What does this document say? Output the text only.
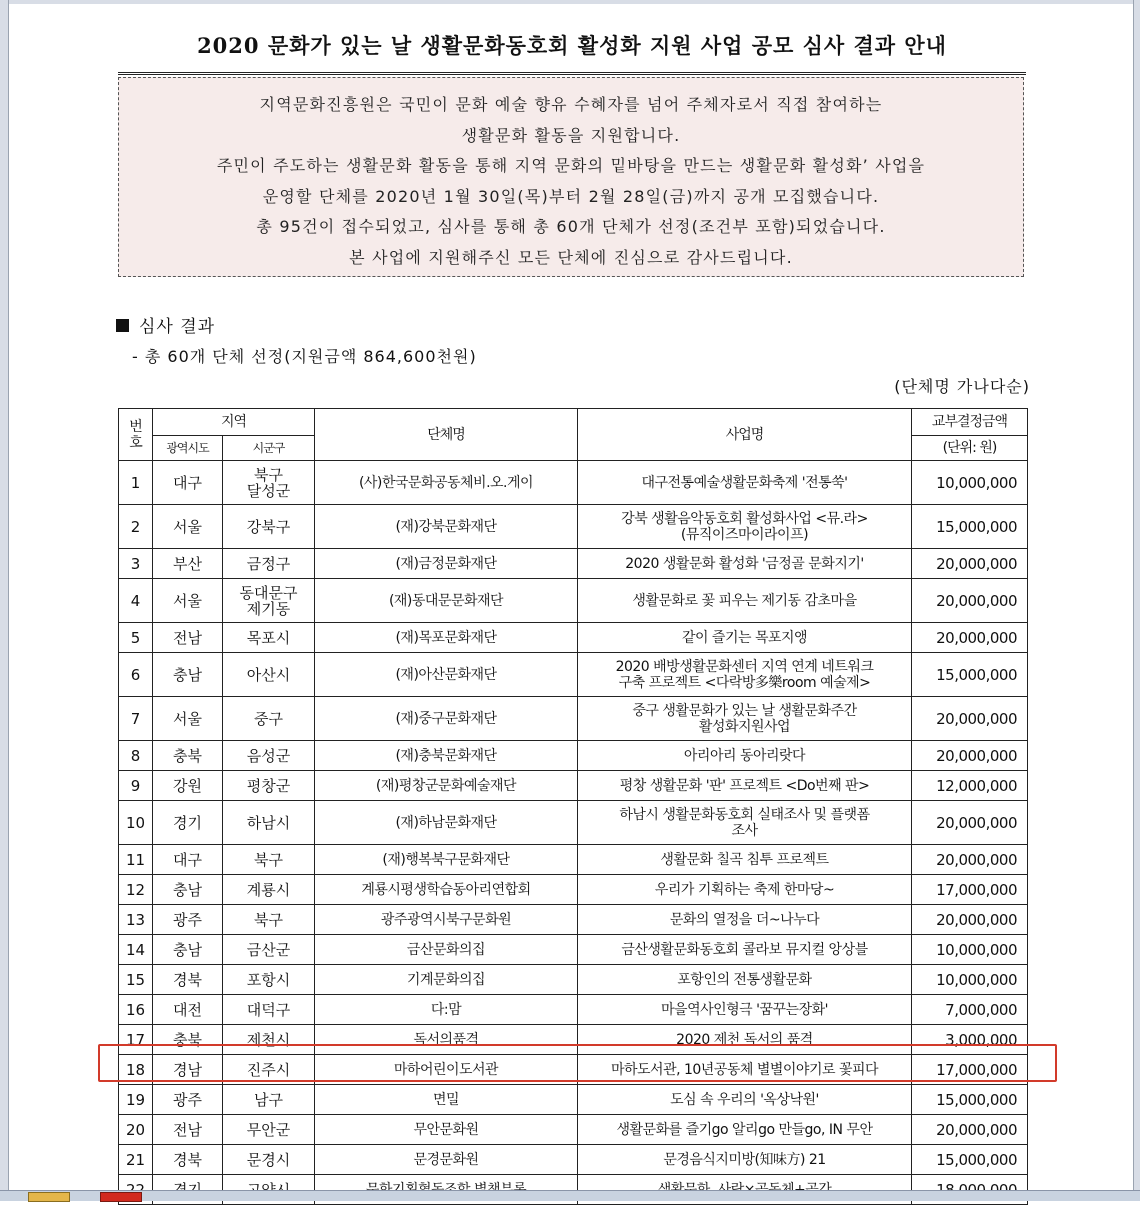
2020 문화가 있는 날 생활문화동호회 활성화 지원 사업 공모 심사 결과 안내

지역문화진흥원은 국민이 문화 예술 향유 수혜자를 넘어 주체자로서 직접 참여하는

생활문화 활동을 지원합니다.

주민이 주도하는 생활문화 활동을 통해 지역 문화의 밑바탕을 만드는 생활문화 활성화’ 사업을

운영할 단체를 2020년 1월 30일(목)부터 2월 28일(금)까지 공개 모집했습니다.

총 95건이 접수되었고, 심사를 통해 총 60개 단체가 선정(조건부 포함)되었습니다.

본 사업에 지원해주신 모든 단체에 진심으로 감사드립니다.

심사 결과
- 총 60개 단체 선정(지원금액 864,600천원)
(단체명 가나다순)
번호	지역		단체명	사업명	교부결정금액
	광역시도	시군구			(단위: 원)
1	대구	북구
달성군	(사)한국문화공동체비.오.게이	대구전통예술생활문화축제 '전통쑥'	10,000,000
2	서울	강북구	(재)강북문화재단	강북 생활음악동호회 활성화사업 <뮤.라>
(뮤직이즈마이라이프)	15,000,000
3	부산	금정구	(재)금정문화재단	2020 생활문화 활성화 '금정골 문화지기'	20,000,000
4	서울	동대문구
제기동	(재)동대문문화재단	생활문화로 꽃 피우는 제기동 감초마을	20,000,000
5	전남	목포시	(재)목포문화재단	같이 즐기는 목포지앵	20,000,000
6	충남	아산시	(재)아산문화재단	2020 배방생활문화센터 지역 연계 네트워크
구축 프로젝트 <다락방多樂room 예술제>	15,000,000
7	서울	중구	(재)중구문화재단	중구 생활문화가 있는 날 생활문화주간
활성화지원사업	20,000,000
8	충북	음성군	(재)충북문화재단	아리아리 동아리랏다	20,000,000
9	강원	평창군	(재)평창군문화예술재단	평창 생활문화 '판' 프로젝트 <Do번째 판>	12,000,000
10	경기	하남시	(재)하남문화재단	하남시 생활문화동호회 실태조사 및 플랫폼
조사	20,000,000
11	대구	북구	(재)행복북구문화재단	생활문화 칠곡 침투 프로젝트	20,000,000
12	충남	계룡시	계룡시평생학습동아리연합회	우리가 기획하는 축제 한마당~	17,000,000
13	광주	북구	광주광역시북구문화원	문화의 열정을 더~나누다	20,000,000
14	충남	금산군	금산문화의집	금산생활문화동호회 콜라보 뮤지컬 앙상블	10,000,000
15	경북	포항시	기계문화의집	포항인의 전통생활문화	10,000,000
16	대전	대덕구	다:맘	마을역사인형극 '꿈꾸는장화'	7,000,000
17	충북	제천시	독서의품격	2020 제천 독서의 품격	3,000,000
18	경남	진주시	마하어린이도서관	마하도서관, 10년공동체 별별이야기로 꽃피다	17,000,000
19	광주	남구	면밀	도심 속 우리의 '옥상낙원'	15,000,000
20	전남	무안군	무안문화원	생활문화를 즐기go 알리go 만들go, IN 무안	20,000,000
21	경북	문경시	문경문화원	문경음식지미방(知味方) 21	15,000,000
